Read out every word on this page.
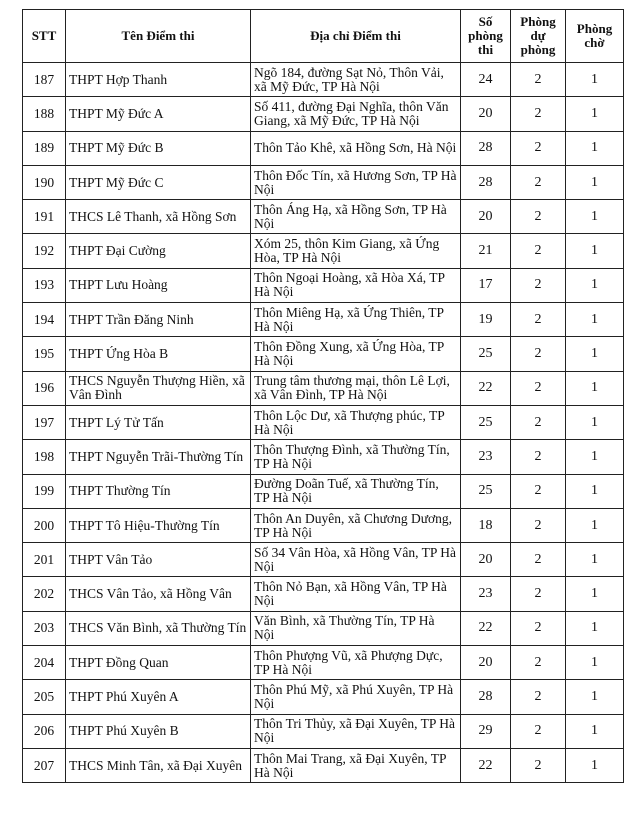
STT	Tên Điểm thi	Địa chỉ Điểm thi	Số phòng thi	Phòng dự phòng	Phòng chờ
187	THPT Hợp Thanh	Ngõ 184, đường Sạt Nỏ, Thôn Vải, xã Mỹ Đức, TP Hà Nội	24	2	1
188	THPT Mỹ Đức A	Số 411, đường Đại Nghĩa, thôn Văn Giang, xã Mỹ Đức, TP Hà Nội	20	2	1
189	THPT Mỹ Đức B	Thôn Tảo Khê, xã Hồng Sơn, Hà Nội	28	2	1
190	THPT Mỹ Đức C	Thôn Đốc Tín, xã Hương Sơn, TP Hà Nội	28	2	1
191	THCS Lê Thanh, xã Hồng Sơn	Thôn Áng Hạ, xã Hồng Sơn, TP Hà Nội	20	2	1
192	THPT Đại Cường	Xóm 25, thôn Kim Giang, xã Ứng Hòa, TP Hà Nội	21	2	1
193	THPT Lưu Hoàng	Thôn Ngoại Hoàng, xã Hòa Xá, TP Hà Nội	17	2	1
194	THPT Trần Đăng Ninh	Thôn Miêng Hạ, xã Ứng Thiên, TP Hà Nội	19	2	1
195	THPT Ứng Hòa B	Thôn Đồng Xung, xã Ứng Hòa, TP Hà Nội	25	2	1
196	THCS Nguyễn Thượng Hiền, xã Vân Đình	Trung tâm thương mại, thôn Lê Lợi, xã Vân Đình, TP Hà Nội	22	2	1
197	THPT Lý Tử Tấn	Thôn Lộc Dư, xã Thượng phúc, TP Hà Nội	25	2	1
198	THPT Nguyễn Trãi-Thường Tín	Thôn Thượng Đình, xã Thường Tín, TP Hà Nội	23	2	1
199	THPT Thường Tín	Đường Doãn Tuế, xã Thường Tín, TP Hà Nội	25	2	1
200	THPT Tô Hiệu-Thường Tín	Thôn An Duyên, xã Chương Dương, TP Hà Nội	18	2	1
201	THPT Vân Tảo	Số 34 Vân Hòa, xã Hồng Vân, TP Hà Nội	20	2	1
202	THCS Vân Tảo, xã Hồng Vân	Thôn Nỏ Bạn, xã Hồng Vân, TP Hà Nội	23	2	1
203	THCS Văn Bình, xã Thường Tín	Văn Bình, xã Thường Tín, TP Hà Nội	22	2	1
204	THPT Đồng Quan	Thôn Phượng Vũ, xã Phượng Dực, TP Hà Nội	20	2	1
205	THPT Phú Xuyên A	Thôn Phú Mỹ, xã Phú Xuyên, TP Hà Nội	28	2	1
206	THPT Phú Xuyên B	Thôn Tri Thủy, xã Đại Xuyên, TP Hà Nội	29	2	1
207	THCS Minh Tân, xã Đại Xuyên	Thôn Mai Trang, xã Đại Xuyên, TP Hà Nội	22	2	1
